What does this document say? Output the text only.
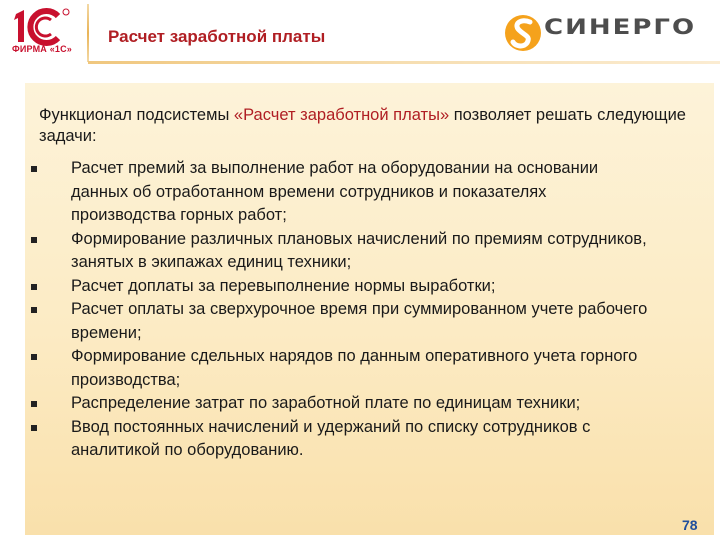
ФИРМА «1С»
Расчет заработной платы	СИНЕРГО
Функционал подсистемы «Расчет заработной платы» позволяет решать следующие задачи:
Расчет премий за выполнение работ на оборудовании на основании данных об отработанном времени сотрудников и показателях производства горных работ;
Формирование различных плановых начислений по премиям сотрудников, занятых в экипажах единиц техники;
Расчет доплаты за перевыполнение нормы выработки;
Расчет оплаты за сверхурочное время при суммированном учете рабочего времени;
Формирование сдельных нарядов по данным оперативного учета горного производства;
Распределение затрат по заработной плате по единицам техники;
Ввод постоянных начислений и удержаний по списку сотрудников с аналитикой по оборудованию.
78
